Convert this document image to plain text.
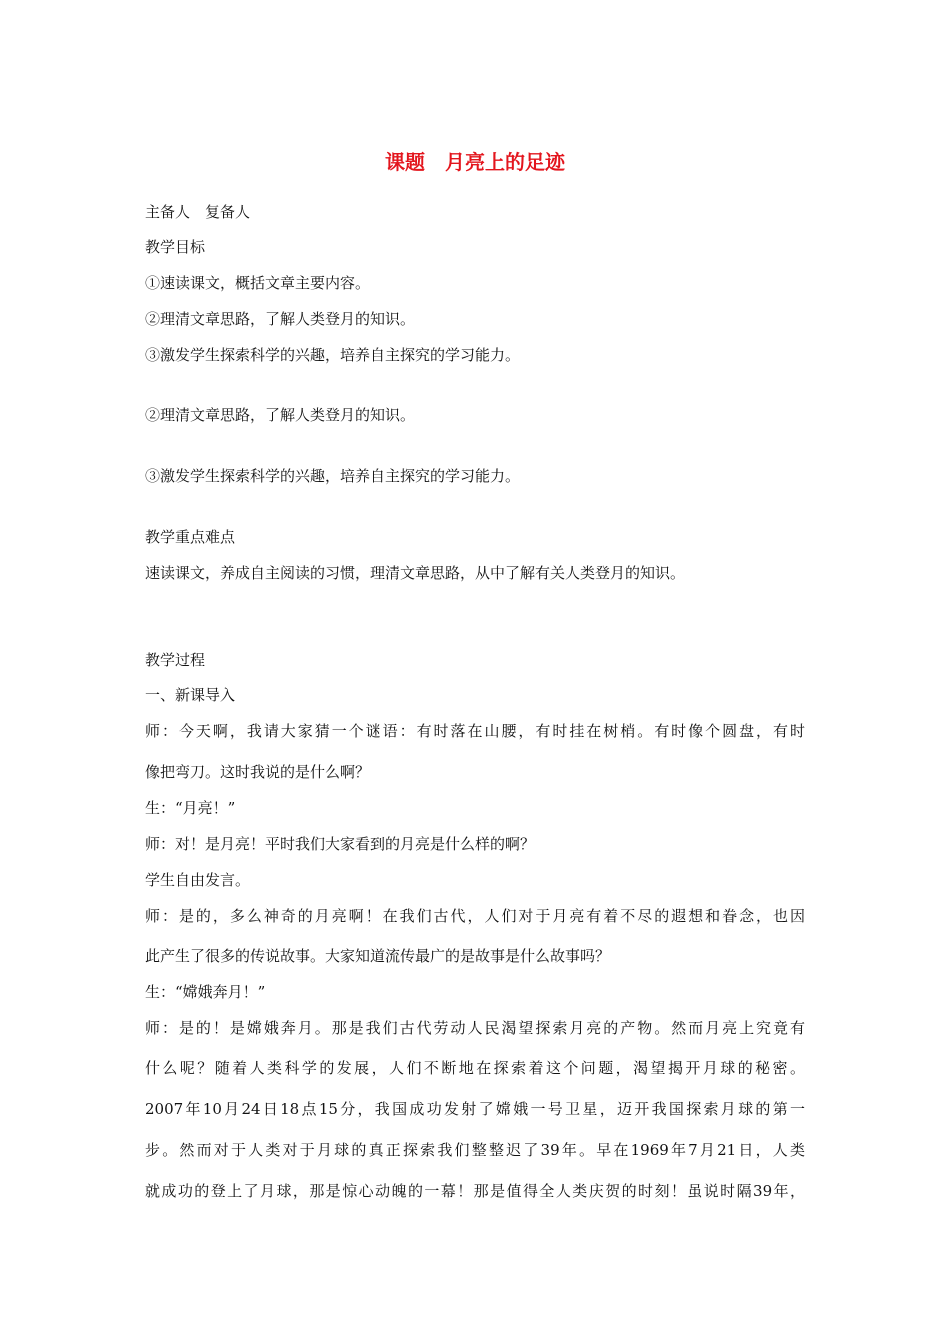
课题　月亮上的足迹
主备人　复备人
教学目标
①速读课文，概括文章主要内容。
②理清文章思路，了解人类登月的知识。
③激发学生探索科学的兴趣，培养自主探究的学习能力。
②理清文章思路，了解人类登月的知识。
③激发学生探索科学的兴趣，培养自主探究的学习能力。
教学重点难点
速读课文，养成自主阅读的习惯，理清文章思路，从中了解有关人类登月的知识。
教学过程
一、新课导入
师：今天啊，我请大家猜一个谜语：有时落在山腰，有时挂在树梢。有时像个圆盘，有时
像把弯刀。这时我说的是什么啊？
生：“月亮！”
师：对！是月亮！平时我们大家看到的月亮是什么样的啊？
学生自由发言。
师：是的，多么神奇的月亮啊！在我们古代，人们对于月亮有着不尽的遐想和眷念，也因
此产生了很多的传说故事。大家知道流传最广的是故事是什么故事吗？
生：“嫦娥奔月！”
师：是的！是嫦娥奔月。那是我们古代劳动人民渴望探索月亮的产物。然而月亮上究竟有
什么呢？随着人类科学的发展，人们不断地在探索着这个问题，渴望揭开月球的秘密。
2007年10月24日18点15分，我国成功发射了嫦娥一号卫星，迈开我国探索月球的第一
步。然而对于人类对于月球的真正探索我们整整迟了39年。早在1969年7月21日，人类
就成功的登上了月球，那是惊心动魄的一幕！那是值得全人类庆贺的时刻！虽说时隔39年，
